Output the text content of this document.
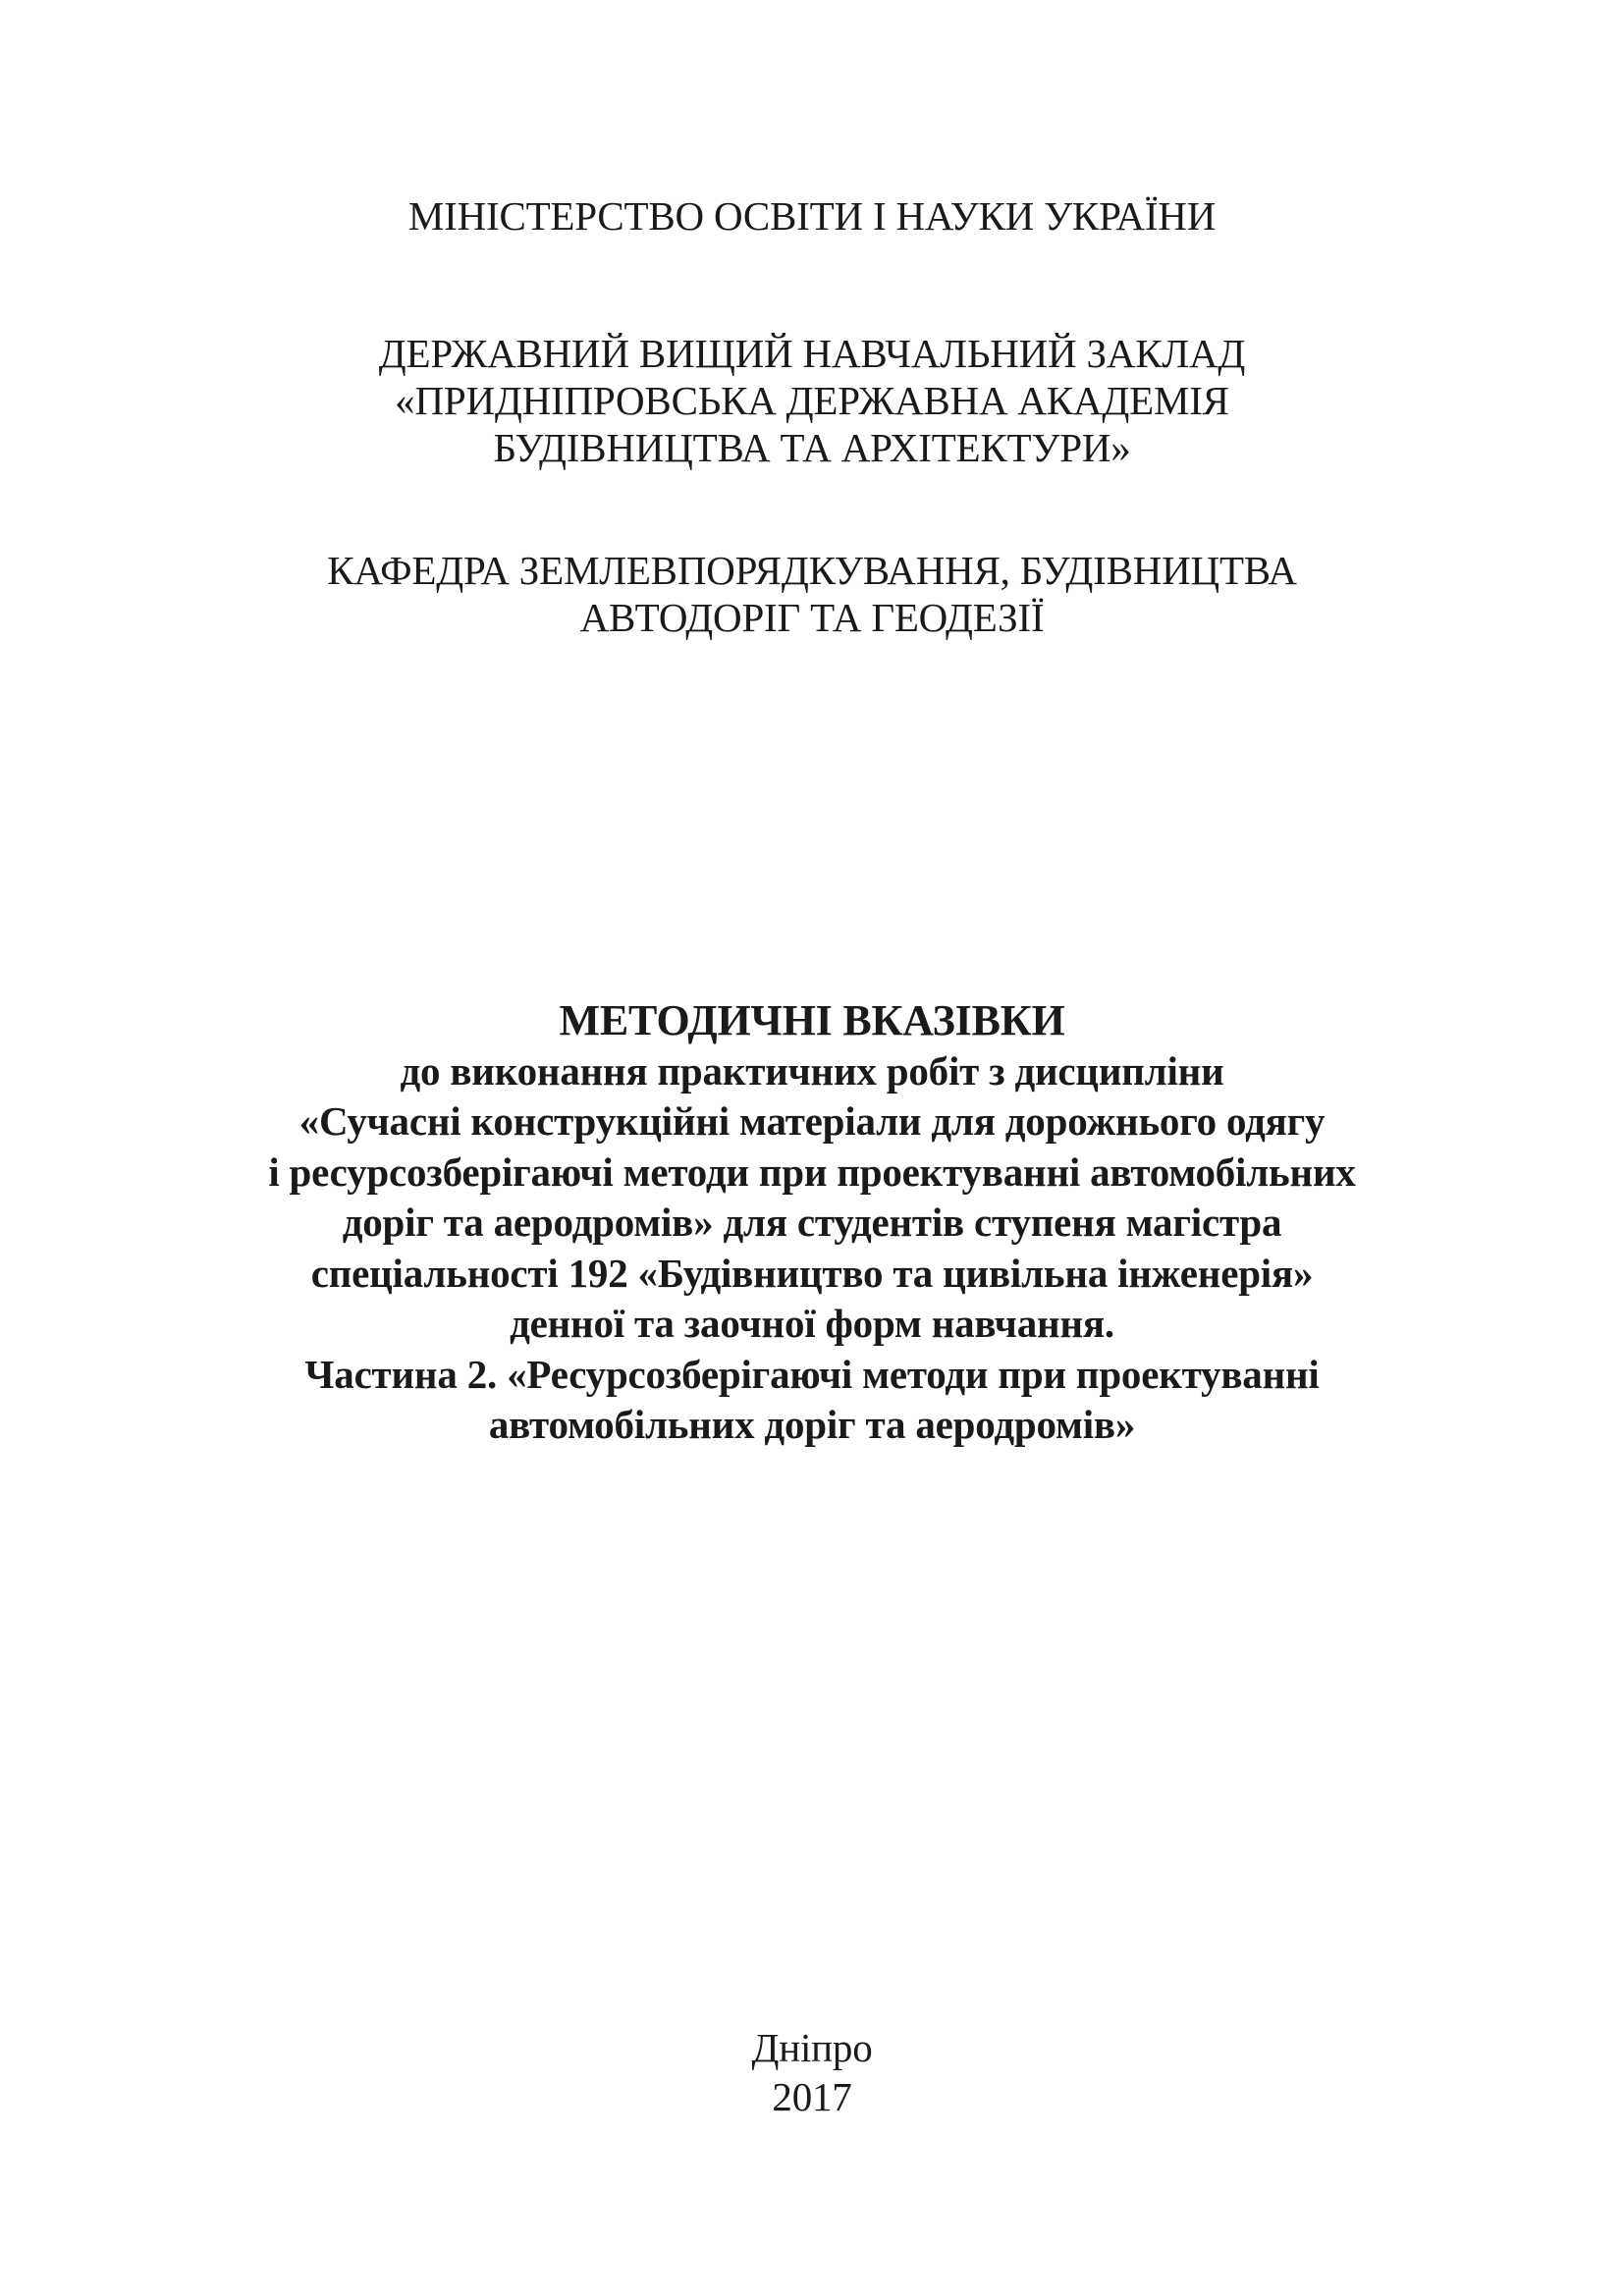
МІНІСТЕРСТВО ОСВІТИ І НАУКИ УКРАЇНИ
ДЕРЖАВНИЙ ВИЩИЙ НАВЧАЛЬНИЙ ЗАКЛАД
«ПРИДНІПРОВСЬКА ДЕРЖАВНА АКАДЕМІЯ
БУДІВНИЦТВА ТА АРХІТЕКТУРИ»
КАФЕДРА ЗЕМЛЕВПОРЯДКУВАННЯ, БУДІВНИЦТВА
АВТОДОРІГ ТА ГЕОДЕЗІЇ
МЕТОДИЧНІ ВКАЗІВКИ
до виконання практичних робіт з дисципліни
«Сучасні конструкційні матеріали для дорожнього одягу
і ресурсозберігаючі методи при проектуванні автомобільних
доріг та аеродромів» для студентів ступеня магістра
спеціальності 192 «Будівництво та цивільна інженерія»
денної та заочної форм навчання.
Частина 2. «Ресурсозберігаючі методи при проектуванні
автомобільних доріг та аеродромів»
Дніпро
2017
